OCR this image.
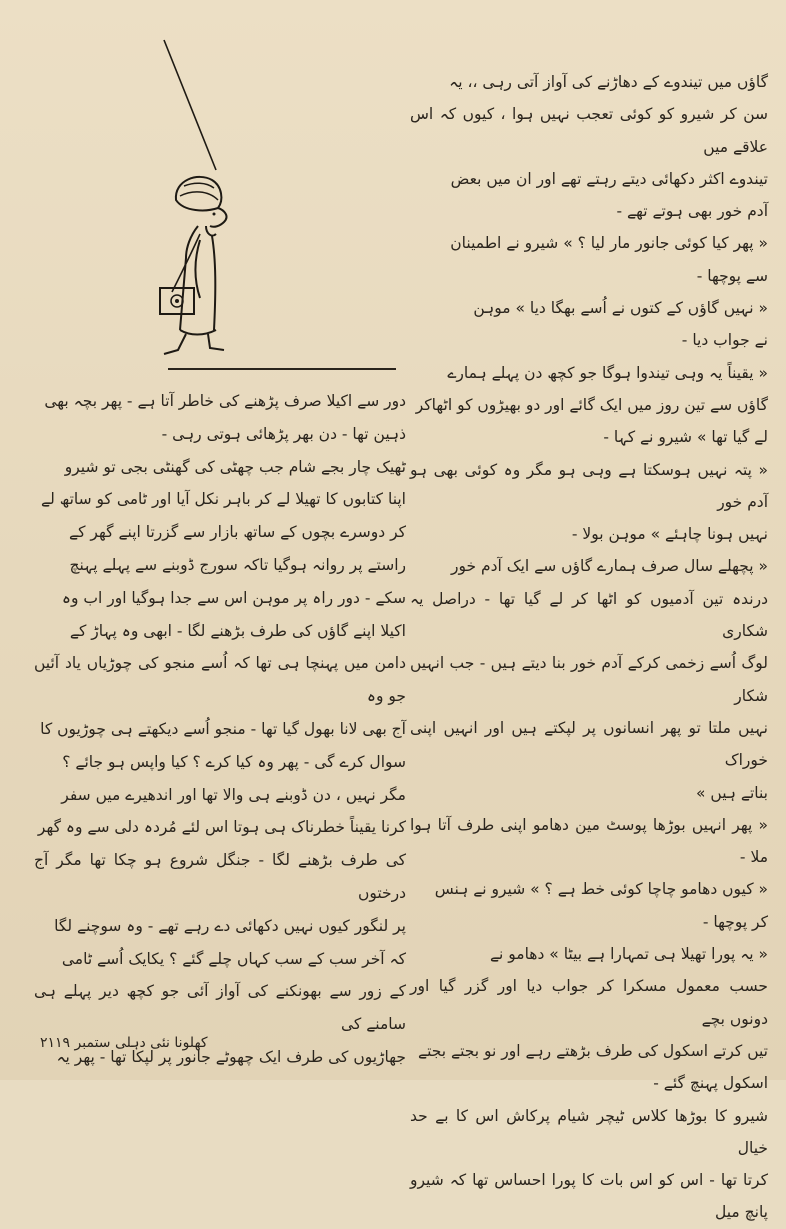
گاؤں میں تیندوے کے دھاڑنے کی آواز آتی رہی ،، یہ

سن کر شیرو کو کوئی تعجب نہیں ہوا ، کیوں کہ اس علاقے میں

تیندوے اکثر دکھائی دیتے رہتے تھے اور ان میں بعض

آدم خور بھی ہوتے تھے -

« پھر کیا کوئی جانور مار لیا ؟ » شیرو نے اطمینان

سے پوچھا -

« نہیں گاؤں کے کتوں نے اُسے بھگا دیا » موہن

نے جواب دیا -

« یقیناً یہ وہی تیندوا ہوگا جو کچھ دن پہلے ہمارے

گاؤں سے تین روز میں ایک گائے اور دو بھیڑوں کو اٹھاکر

لے گیا تھا » شیرو نے کہا -

« پتہ نہیں ہوسکتا ہے وہی ہو مگر وہ کوئی بھی ہو آدم خور

نہیں ہونا چاہئے » موہن بولا -

« پچھلے سال صرف ہمارے گاؤں سے ایک آدم خور

درندہ تین آدمیوں کو اٹھا کر لے گیا تھا - دراصل یہ شکاری

لوگ اُسے زخمی کرکے آدم خور بنا دیتے ہیں - جب انہیں شکار

نہیں ملتا تو پھر انسانوں پر لپکتے ہیں اور انہیں اپنی خوراک

بناتے ہیں »

« پھر انہیں بوڑھا پوسٹ مین دھامو اپنی طرف آتا ہوا ملا -

« کیوں دھامو چاچا کوئی خط ہے ؟ » شیرو نے ہنس

کر پوچھا -

« یہ پورا تھیلا ہی تمہارا ہے بیٹا » دھامو نے

حسب معمول مسکرا کر جواب دیا اور گزر گیا اور دونوں بچے

تیں کرتے اسکول کی طرف بڑھتے رہے اور نو بجتے بجتے

اسکول پہنچ گئے -

شیرو کا بوڑھا کلاس ٹیچر شیام پرکاش اس کا بے حد خیال

کرتا تھا - اس کو اس بات کا پورا احساس تھا کہ شیرو پانچ میل

دور سے اکیلا صرف پڑھنے کی خاطر آتا ہے - پھر بچہ بھی

ذہین تھا - دن بھر پڑھائی ہوتی رہی -

ٹھیک چار بجے شام جب چھٹی کی گھنٹی بجی تو شیرو

اپنا کتابوں کا تھیلا لے کر باہر نکل آیا اور ٹامی کو ساتھ لے

کر دوسرے بچوں کے ساتھ بازار سے گزرتا اپنے گھر کے

راستے پر روانہ ہوگیا تاکہ سورج ڈوبنے سے پہلے پہنچ

سکے - دور راہ پر موہن اس سے جدا ہوگیا اور اب وہ

اکیلا اپنے گاؤں کی طرف بڑھنے لگا - ابھی وہ پہاڑ کے

دامن میں پہنچا ہی تھا کہ اُسے منجو کی چوڑیاں یاد آئیں جو وہ

آج بھی لانا بھول گیا تھا - منجو اُسے دیکھتے ہی چوڑیوں کا

سوال کرے گی - پھر وہ کیا کرے ؟ کیا واپس ہو جائے ؟

مگر نہیں ، دن ڈوبنے ہی والا تھا اور اندھیرے میں سفر

کرنا یقیناً خطرناک ہی ہوتا اس لئے مُردہ دلی سے وہ گھر

کی طرف بڑھنے لگا - جنگل شروع ہو چکا تھا مگر آج درختوں

پر لنگور کیوں نہیں دکھائی دے رہے تھے - وہ سوچنے لگا

کہ آخر سب کے سب کہاں چلے گئے ؟ یکایک اُسے ٹامی

کے زور سے بھونکنے کی آواز آئی جو کچھ دیر پہلے ہی سامنے کی

جھاڑیوں کی طرف ایک چھوٹے جانور پر لپکا تھا - پھر یہ

کھلونا نئی دہلی ستمبر ۲۱۱۹
